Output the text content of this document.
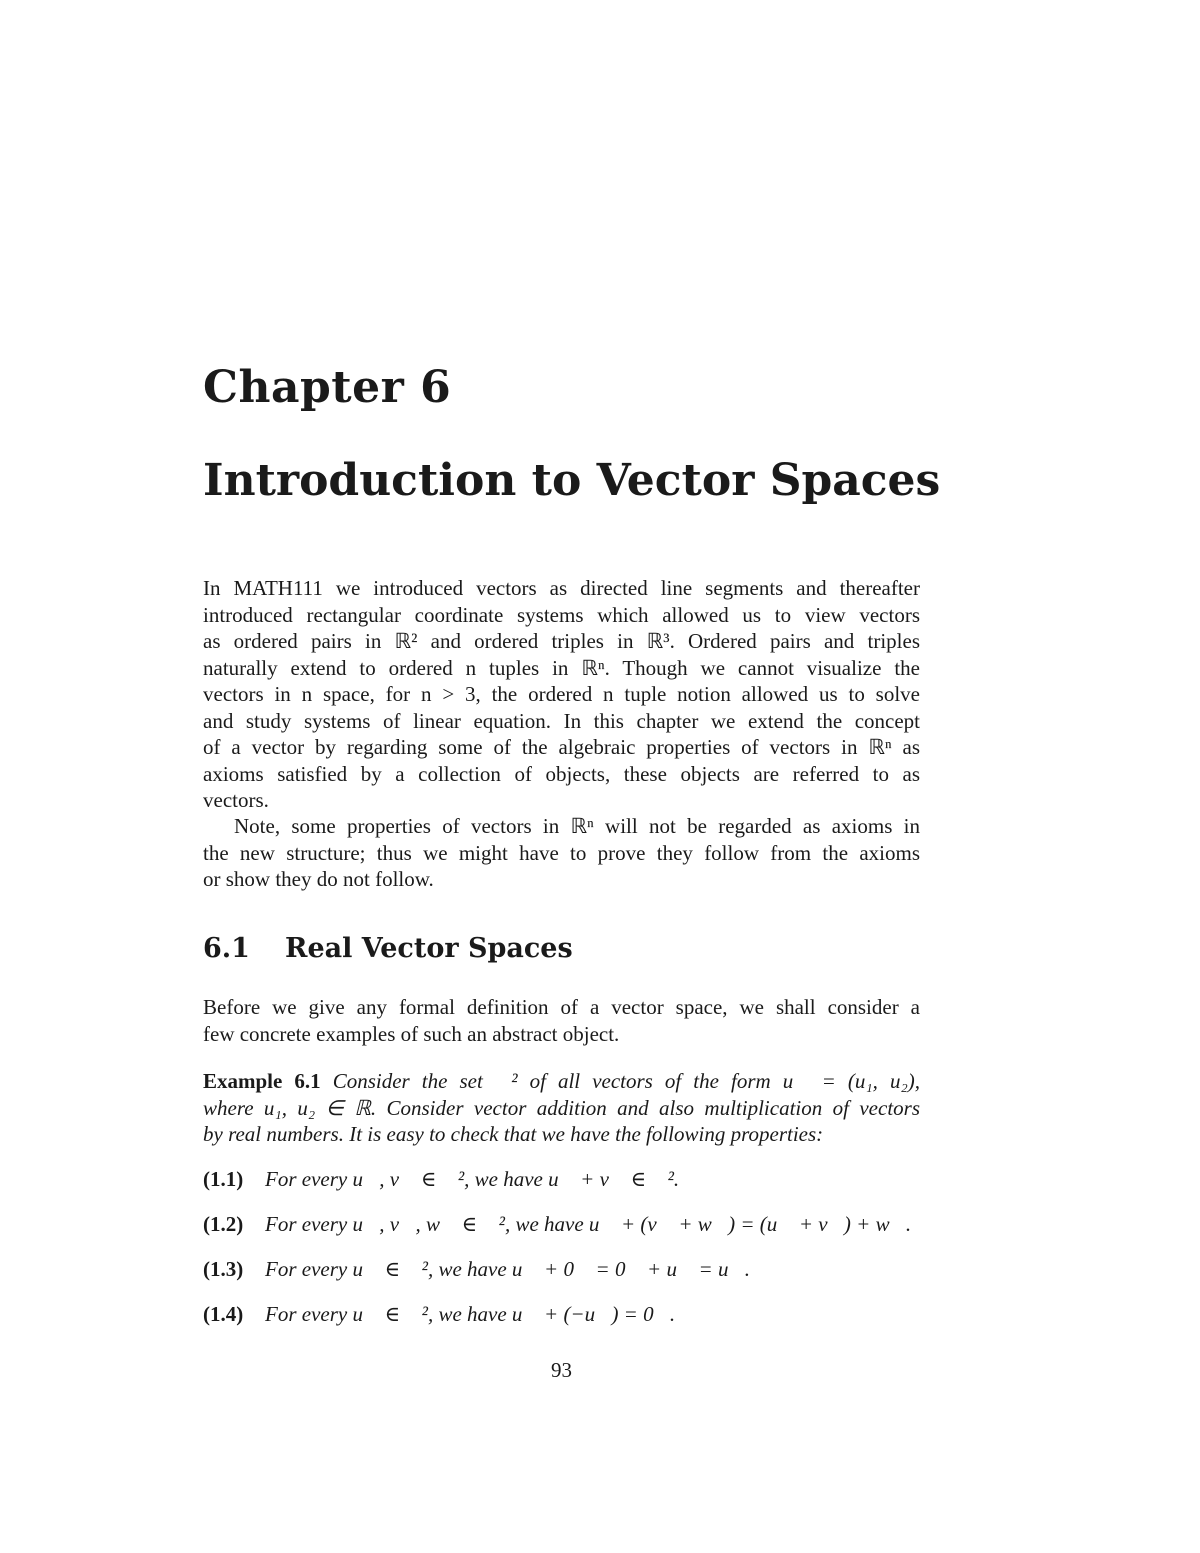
Chapter 6
Introduction to Vector Spaces
In MATH111 we introduced vectors as directed line segments and thereafter
introduced rectangular coordinate systems which allowed us to view vectors
as ordered pairs in ℝ² and ordered triples in ℝ³. Ordered pairs and triples
naturally extend to ordered n tuples in ℝⁿ. Though we cannot visualize the
vectors in n space, for n > 3, the ordered n tuple notion allowed us to solve
and study systems of linear equation. In this chapter we extend the concept
of a vector by regarding some of the algebraic properties of vectors in ℝⁿ as
axioms satisfied by a collection of objects, these objects are referred to as
vectors.
Note, some properties of vectors in ℝⁿ will not be regarded as axioms in
the new structure; thus we might have to prove they follow from the axioms
or show they do not follow.
6.1 Real Vector Spaces
Before we give any formal definition of a vector space, we shall consider a
few concrete examples of such an abstract object.
Example 6.1 Consider the set ℝ² of all vectors of the form u⃗ = (u₁, u₂),
where u₁, u₂ ∈ ℝ. Consider vector addition and also multiplication of vectors
by real numbers. It is easy to check that we have the following properties:
(1.1) For every u⃗, v⃗ ∈ ℝ², we have u⃗ + v⃗ ∈ ℝ².
(1.2) For every u⃗, v⃗, w⃗ ∈ ℝ², we have u⃗ + (v⃗ + w⃗) = (u⃗ + v⃗) + w⃗.
(1.3) For every u⃗ ∈ ℝ², we have u⃗ + 0⃗ = 0⃗ + u⃗ = u⃗.
(1.4) For every u⃗ ∈ ℝ², we have u⃗ + (−u⃗) = 0⃗.
93
